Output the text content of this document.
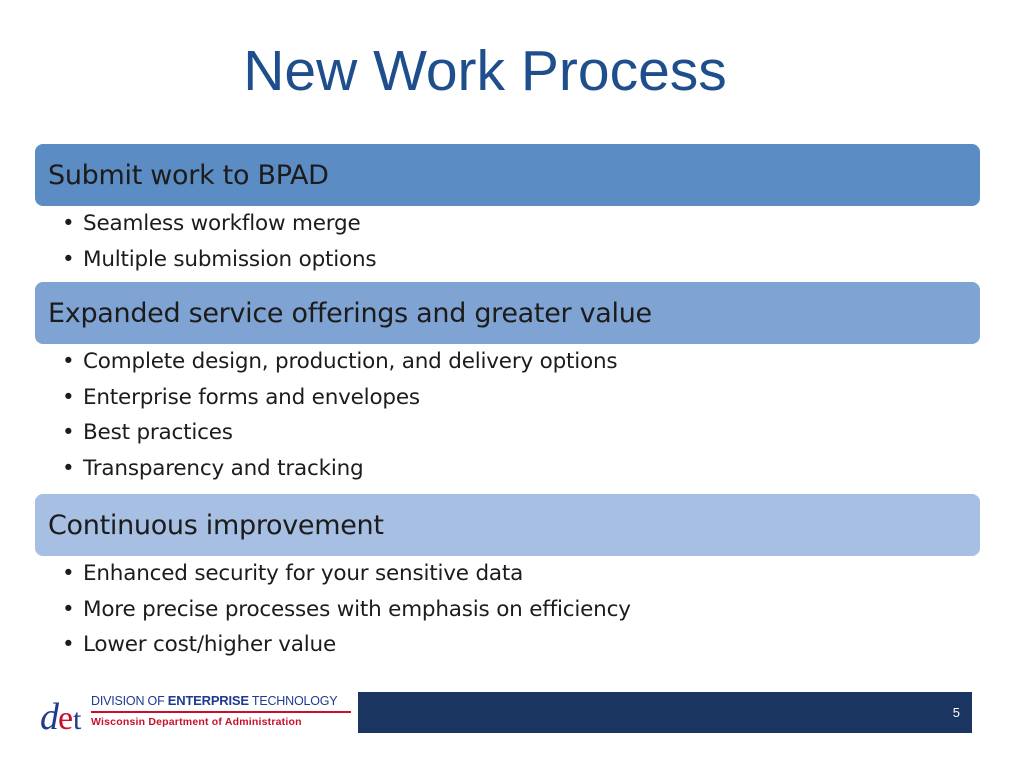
New Work Process
Submit work to BPAD
• Seamless workflow merge
• Multiple submission options
Expanded service offerings and greater value
• Complete design, production, and delivery options
• Enterprise forms and envelopes
• Best practices
• Transparency and tracking
Continuous improvement
• Enhanced security for your sensitive data
• More precise processes with emphasis on efficiency
• Lower cost/higher value
d e t
DIVISION OF ENTERPRISE TECHNOLOGY
Wisconsin Department of Administration
5
